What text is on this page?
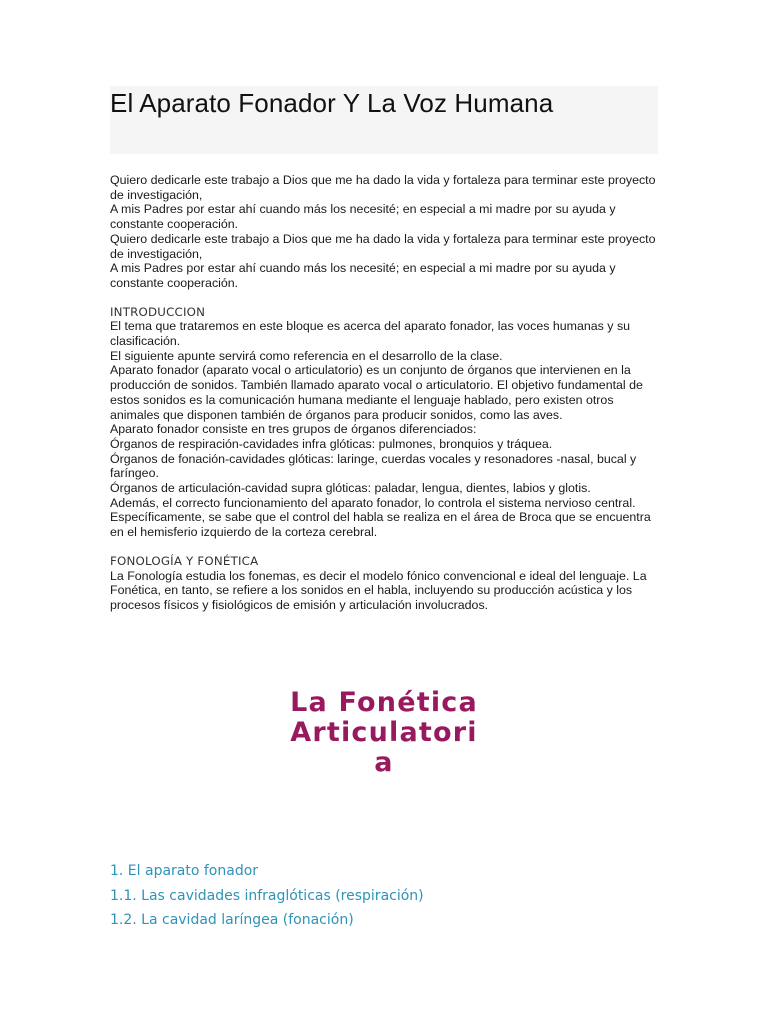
El Aparato Fonador Y La Voz Humana

Quiero dedicarle este trabajo a Dios que me ha dado la vida y fortaleza para terminar este proyecto de investigación,

A mis Padres por estar ahí cuando más los necesité; en especial a mi madre por su ayuda y constante cooperación.

Quiero dedicarle este trabajo a Dios que me ha dado la vida y fortaleza para terminar este proyecto de investigación,

A mis Padres por estar ahí cuando más los necesité; en especial a mi madre por su ayuda y constante cooperación.

INTRODUCCION

El tema que trataremos en este bloque es acerca del aparato fonador, las voces humanas y su clasificación.

El siguiente apunte servirá como referencia en el desarrollo de la clase.

Aparato fonador (aparato vocal o articulatorio) es un conjunto de órganos que intervienen en la producción de sonidos. También llamado aparato vocal o articulatorio. El objetivo fundamental de estos sonidos es la comunicación humana mediante el lenguaje hablado, pero existen otros animales que disponen también de órganos para producir sonidos, como las aves.

Aparato fonador consiste en tres grupos de órganos diferenciados:

Órganos de respiración-cavidades infra glóticas: pulmones, bronquios y tráquea.

Órganos de fonación-cavidades glóticas: laringe, cuerdas vocales y resonadores -nasal, bucal y faríngeo.

Órganos de articulación-cavidad supra glóticas: paladar, lengua, dientes, labios y glotis.

Además, el correcto funcionamiento del aparato fonador, lo controla el sistema nervioso central. Específicamente, se sabe que el control del habla se realiza en el área de Broca que se encuentra en el hemisferio izquierdo de la corteza cerebral.

FONOLOGÍA Y FONÉTICA

La Fonología estudia los fonemas, es decir el modelo fónico convencional e ideal del lenguaje. La Fonética, en tanto, se refiere a los sonidos en el habla, incluyendo su producción acústica y los procesos físicos y fisiológicos de emisión y articulación involucrados.

La Fonética
Articulatori
a
1. El aparato fonador
1.1. Las cavidades infraglóticas (respiración)
1.2. La cavidad laríngea (fonación)
